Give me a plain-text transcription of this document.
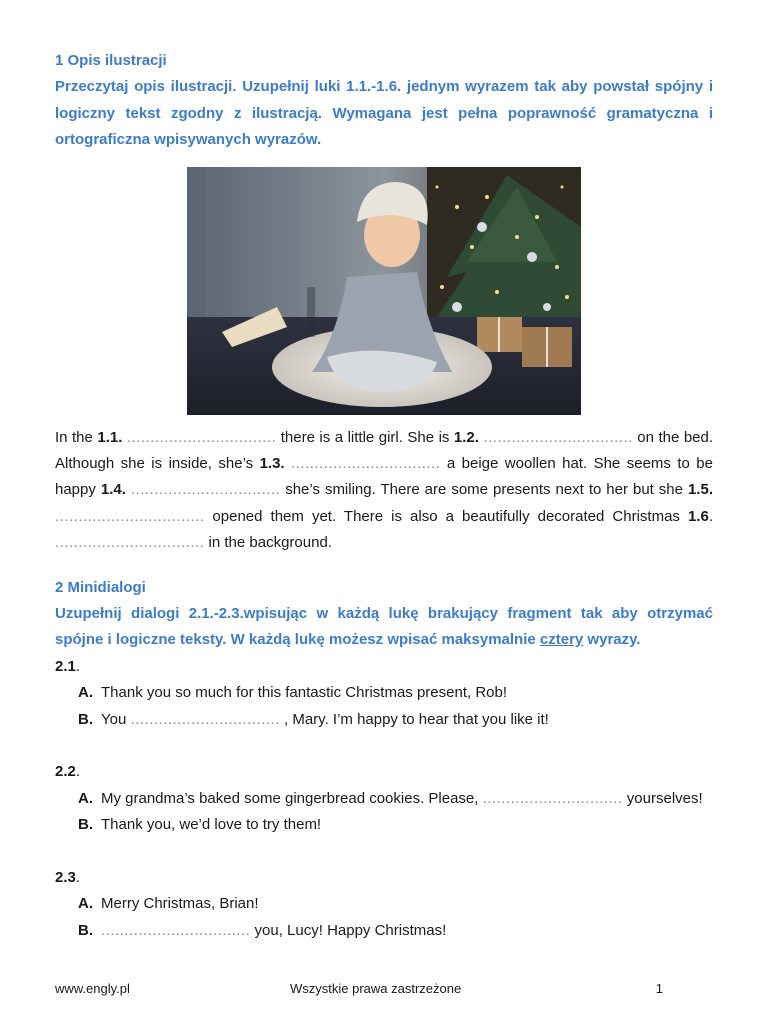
1 Opis ilustracji

Przeczytaj opis ilustracji. Uzupełnij luki 1.1.-1.6. jednym wyrazem tak aby powstał spójny i logiczny tekst zgodny z ilustracją. Wymagana jest pełna poprawność gramatyczna i ortograficzna wpisywanych wyrazów.

In the 1.1. ................................ there is a little girl. She is 1.2. ................................ on the bed. Although she is inside, she’s 1.3. ................................ a beige woollen hat. She seems to be happy 1.4. ................................ she’s smiling. There are some presents next to her but she 1.5. ................................ opened them yet. There is also a beautifully decorated Christmas 1.6. ................................ in the background.

2 Minidialogi

Uzupełnij dialogi 2.1.-2.3.wpisując w każdą lukę brakujący fragment tak aby otrzymać spójne i logiczne teksty. W każdą lukę możesz wpisać maksymalnie cztery wyrazy.

2.1.

A. Thank you so much for this fantastic Christmas present, Rob!

B. You ................................ , Mary. I’m happy to hear that you like it!

2.2.

A. My grandma’s baked some gingerbread cookies. Please, .............................. yourselves!

B. Thank you, we’d love to try them!

2.3.

A. Merry Christmas, Brian!

B. ................................ you, Lucy! Happy Christmas!

www.engly.pl	Wszystkie prawa zastrzeżone	1
